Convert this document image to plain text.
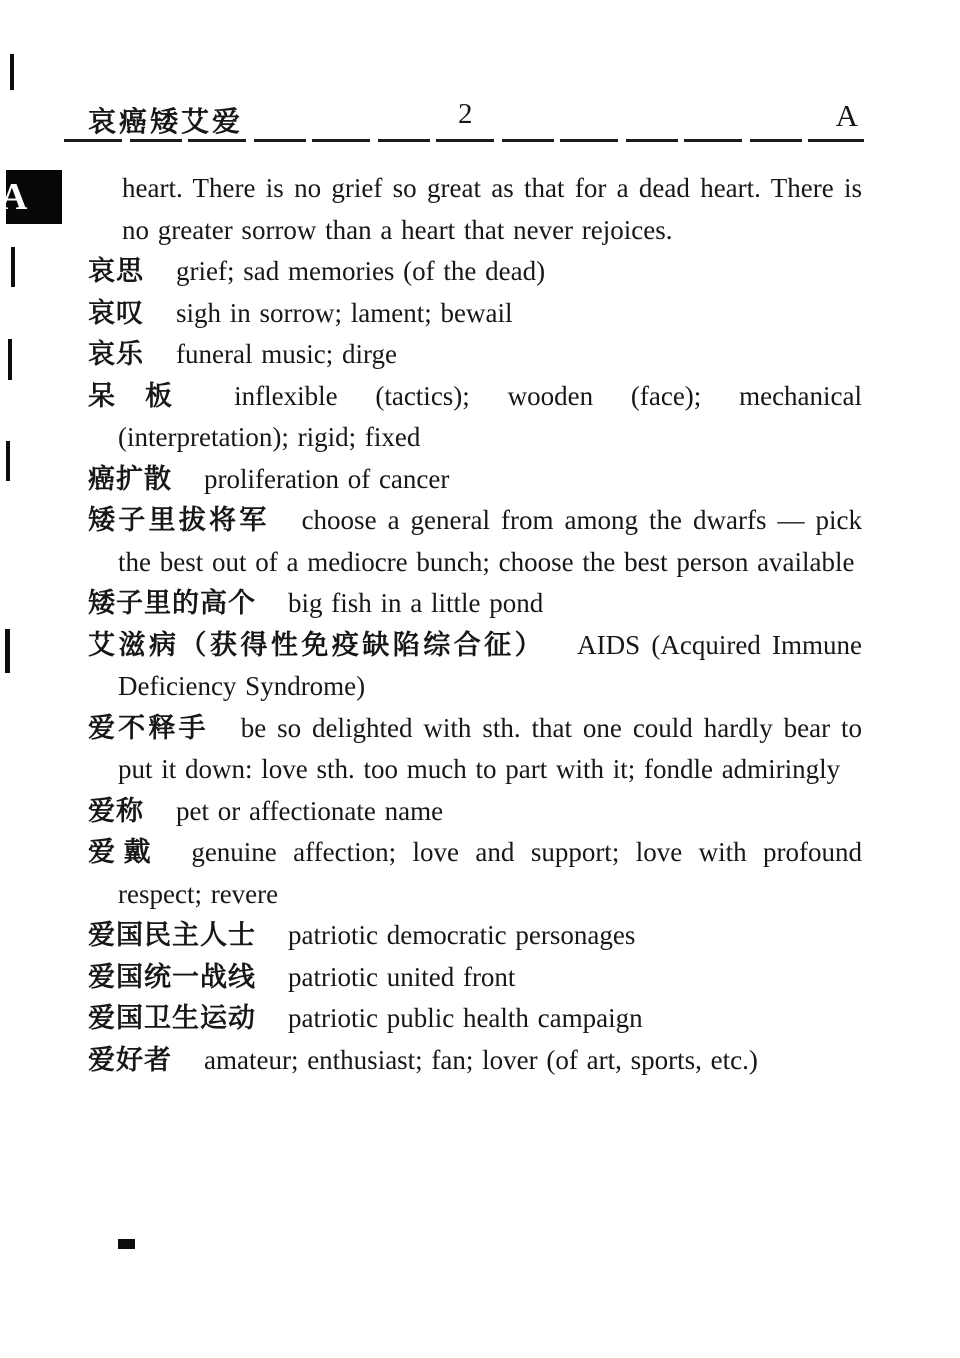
哀癌矮艾爱	2	A
A	heart. There is no grief so great as that for a dead heart. There is no greater sorrow than a heart that never rejoices.
哀思 grief; sad memories (of the dead)
哀叹 sigh in sorrow; lament; bewail
哀乐 funeral music; dirge
呆板 inflexible (tactics); wooden (face); mechanical (interpretation); rigid; fixed
癌扩散 proliferation of cancer
矮子里拔将军 choose a general from among the dwarfs — pick the best out of a mediocre bunch; choose the best person available
矮子里的高个 big fish in a little pond
艾滋病（获得性免疫缺陷综合征） AIDS (Acquired Immune Deficiency Syndrome)
爱不释手 be so delighted with sth. that one could hardly bear to put it down: love sth. too much to part with it; fondle admiringly
爱称 pet or affectionate name
爱戴 genuine affection; love and support; love with profound respect; revere
爱国民主人士 patriotic democratic personages
爱国统一战线 patriotic united front
爱国卫生运动 patriotic public health campaign
爱好者 amateur; enthusiast; fan; lover (of art, sports, etc.)
